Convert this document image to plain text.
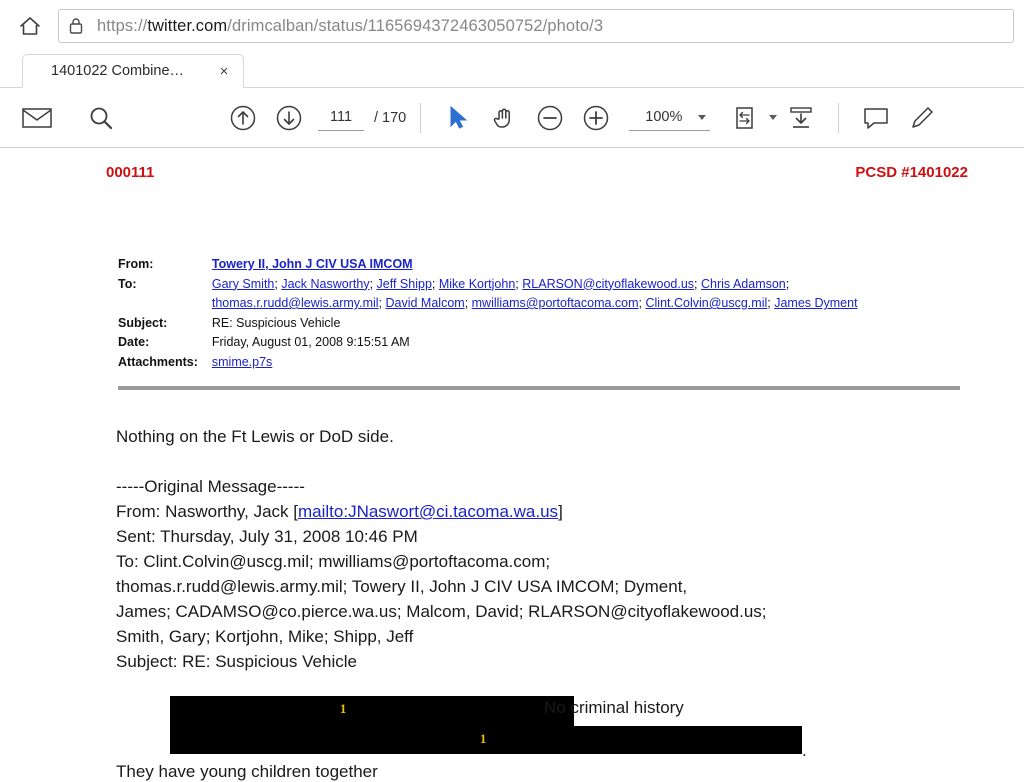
https://twitter.com/drimcalban/status/1165694372463050752/photo/3
1401022 Combine…	×
111	/ 170	100%
000111	PCSD #1401022
From:	Towery II, John J CIV USA IMCOM
To:	Gary Smith; Jack Nasworthy; Jeff Shipp; Mike Kortjohn; RLARSON@cityoflakewood.us; Chris Adamson; thomas.r.rudd@lewis.army.mil; David Malcom; mwilliams@portoftacoma.com; Clint.Colvin@uscg.mil; James Dyment
Subject:	RE: Suspicious Vehicle
Date:	Friday, August 01, 2008 9:15:51 AM
Attachments:	smime.p7s

Nothing on the Ft Lewis or DoD side.

-----Original Message-----

From: Nasworthy, Jack [mailto:JNaswort@ci.tacoma.wa.us]

Sent: Thursday, July 31, 2008 10:46 PM

To: Clint.Colvin@uscg.mil; mwilliams@portoftacoma.com;

thomas.r.rudd@lewis.army.mil; Towery II, John J CIV USA IMCOM; Dyment,

James; CADAMSO@co.pierce.wa.us; Malcom, David; RLARSON@cityoflakewood.us;

Smith, Gary; Kortjohn, Mike; Shipp, Jeff

Subject: RE: Suspicious Vehicle

1
1
No criminal history
.
They have young children together
